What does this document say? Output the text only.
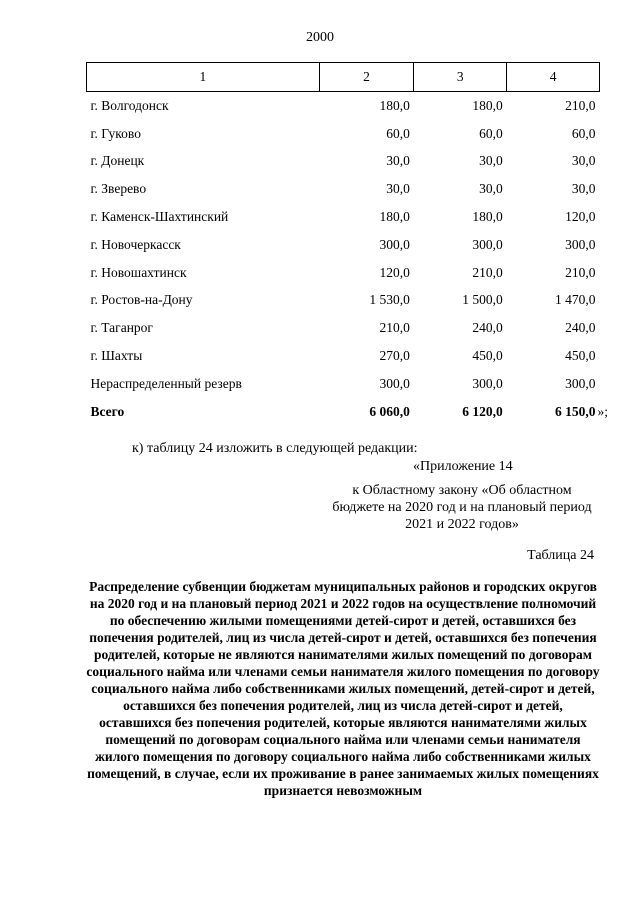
2000
1	2	3	4
г. Волгодонск	180,0	180,0	210,0
г. Гуково	60,0	60,0	60,0
г. Донецк	30,0	30,0	30,0
г. Зверево	30,0	30,0	30,0
г. Каменск-Шахтинский	180,0	180,0	120,0
г. Новочеркасск	300,0	300,0	300,0
г. Новошахтинск	120,0	210,0	210,0
г. Ростов-на-Дону	1 530,0	1 500,0	1 470,0
г. Таганрог	210,0	240,0	240,0
г. Шахты	270,0	450,0	450,0
Нераспределенный резерв	300,0	300,0	300,0
Всего	6 060,0	6 120,0	6 150,0 »;
к) таблицу 24 изложить в следующей редакции:
«Приложение 14
к Областному закону «Об областном бюджете на 2020 год и на плановый период 2021 и 2022 годов»
Таблица 24
Распределение субвенции бюджетам муниципальных районов и городских округов на 2020 год и на плановый период 2021 и 2022 годов на осуществление полномочий по обеспечению жилыми помещениями детей-сирот и детей, оставшихся без попечения родителей, лиц из числа детей-сирот и детей, оставшихся без попечения родителей, которые не являются нанимателями жилых помещений по договорам социального найма или членами семьи нанимателя жилого помещения по договору социального найма либо собственниками жилых помещений, детей-сирот и детей, оставшихся без попечения родителей, лиц из числа детей-сирот и детей, оставшихся без попечения родителей, которые являются нанимателями жилых помещений по договорам социального найма или членами семьи нанимателя жилого помещения по договору социального найма либо собственниками жилых помещений, в случае, если их проживание в ранее занимаемых жилых помещениях признается невозможным
